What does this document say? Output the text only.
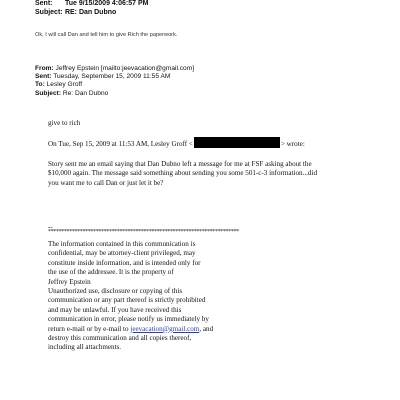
Sent: Tue 9/15/2009 4:06:57 PM
Subject: RE: Dan Dubno
Ok, I will call Dan and tell him to give Rich the paperwork.
From: Jeffrey Epstein [mailto:jeevacation@gmail.com]
Sent: Tuesday, September 15, 2009 11:55 AM
To: Lesley Groff
Subject: Re: Dan Dubno
give to rich
On Tue, Sep 15, 2009 at 11:53 AM, Lesley Groff <	> wrote:

Story sent me an email saying that Dan Dubno left a message for me at FSF asking about the

$10,000 again. The message said something about sending you some 501-c-3 information...did

you want me to call Dan or just let it be?

--
************************************************************************
The information contained in this communication is
confidential, may be attorney-client privileged, may
constitute inside information, and is intended only for
the use of the addressee. It is the property of
Jeffrey Epstein
Unauthorized use, disclosure or copying of this
communication or any part thereof is strictly prohibited
and may be unlawful. If you have received this
communication in error, please notify us immediately by
return e-mail or by e-mail to jeevacation@gmail.com, and
destroy this communication and all copies thereof,
including all attachments.
